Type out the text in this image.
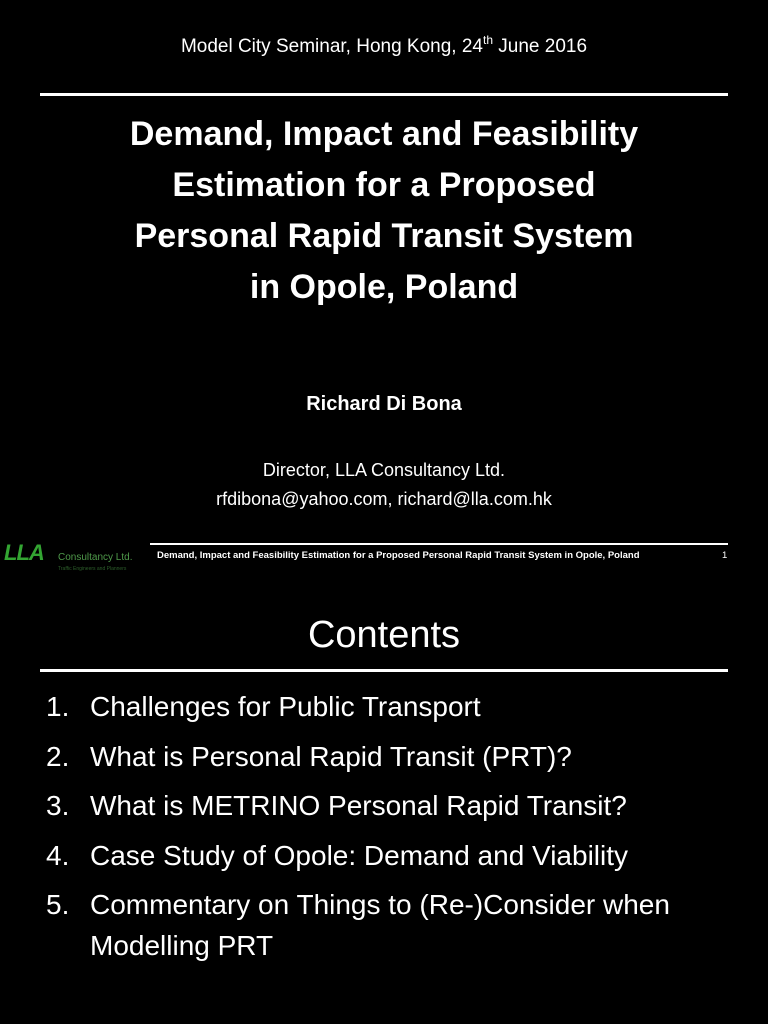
Model City Seminar, Hong Kong, 24th June 2016
Demand, Impact and Feasibility
Estimation for a Proposed
Personal Rapid Transit System
in Opole, Poland
Richard Di Bona
Director, LLA Consultancy Ltd.
rfdibona@yahoo.com, richard@lla.com.hk
LLA Consultancy Ltd.
Traffic Engineers and Planners
Demand, Impact and Feasibility Estimation for a Proposed Personal Rapid Transit System in Opole, Poland	1
Contents
1. Challenges for Public Transport
2. What is Personal Rapid Transit (PRT)?
3. What is METRINO Personal Rapid Transit?
4. Case Study of Opole: Demand and Viability
5. Commentary on Things to (Re-)Consider when Modelling PRT
